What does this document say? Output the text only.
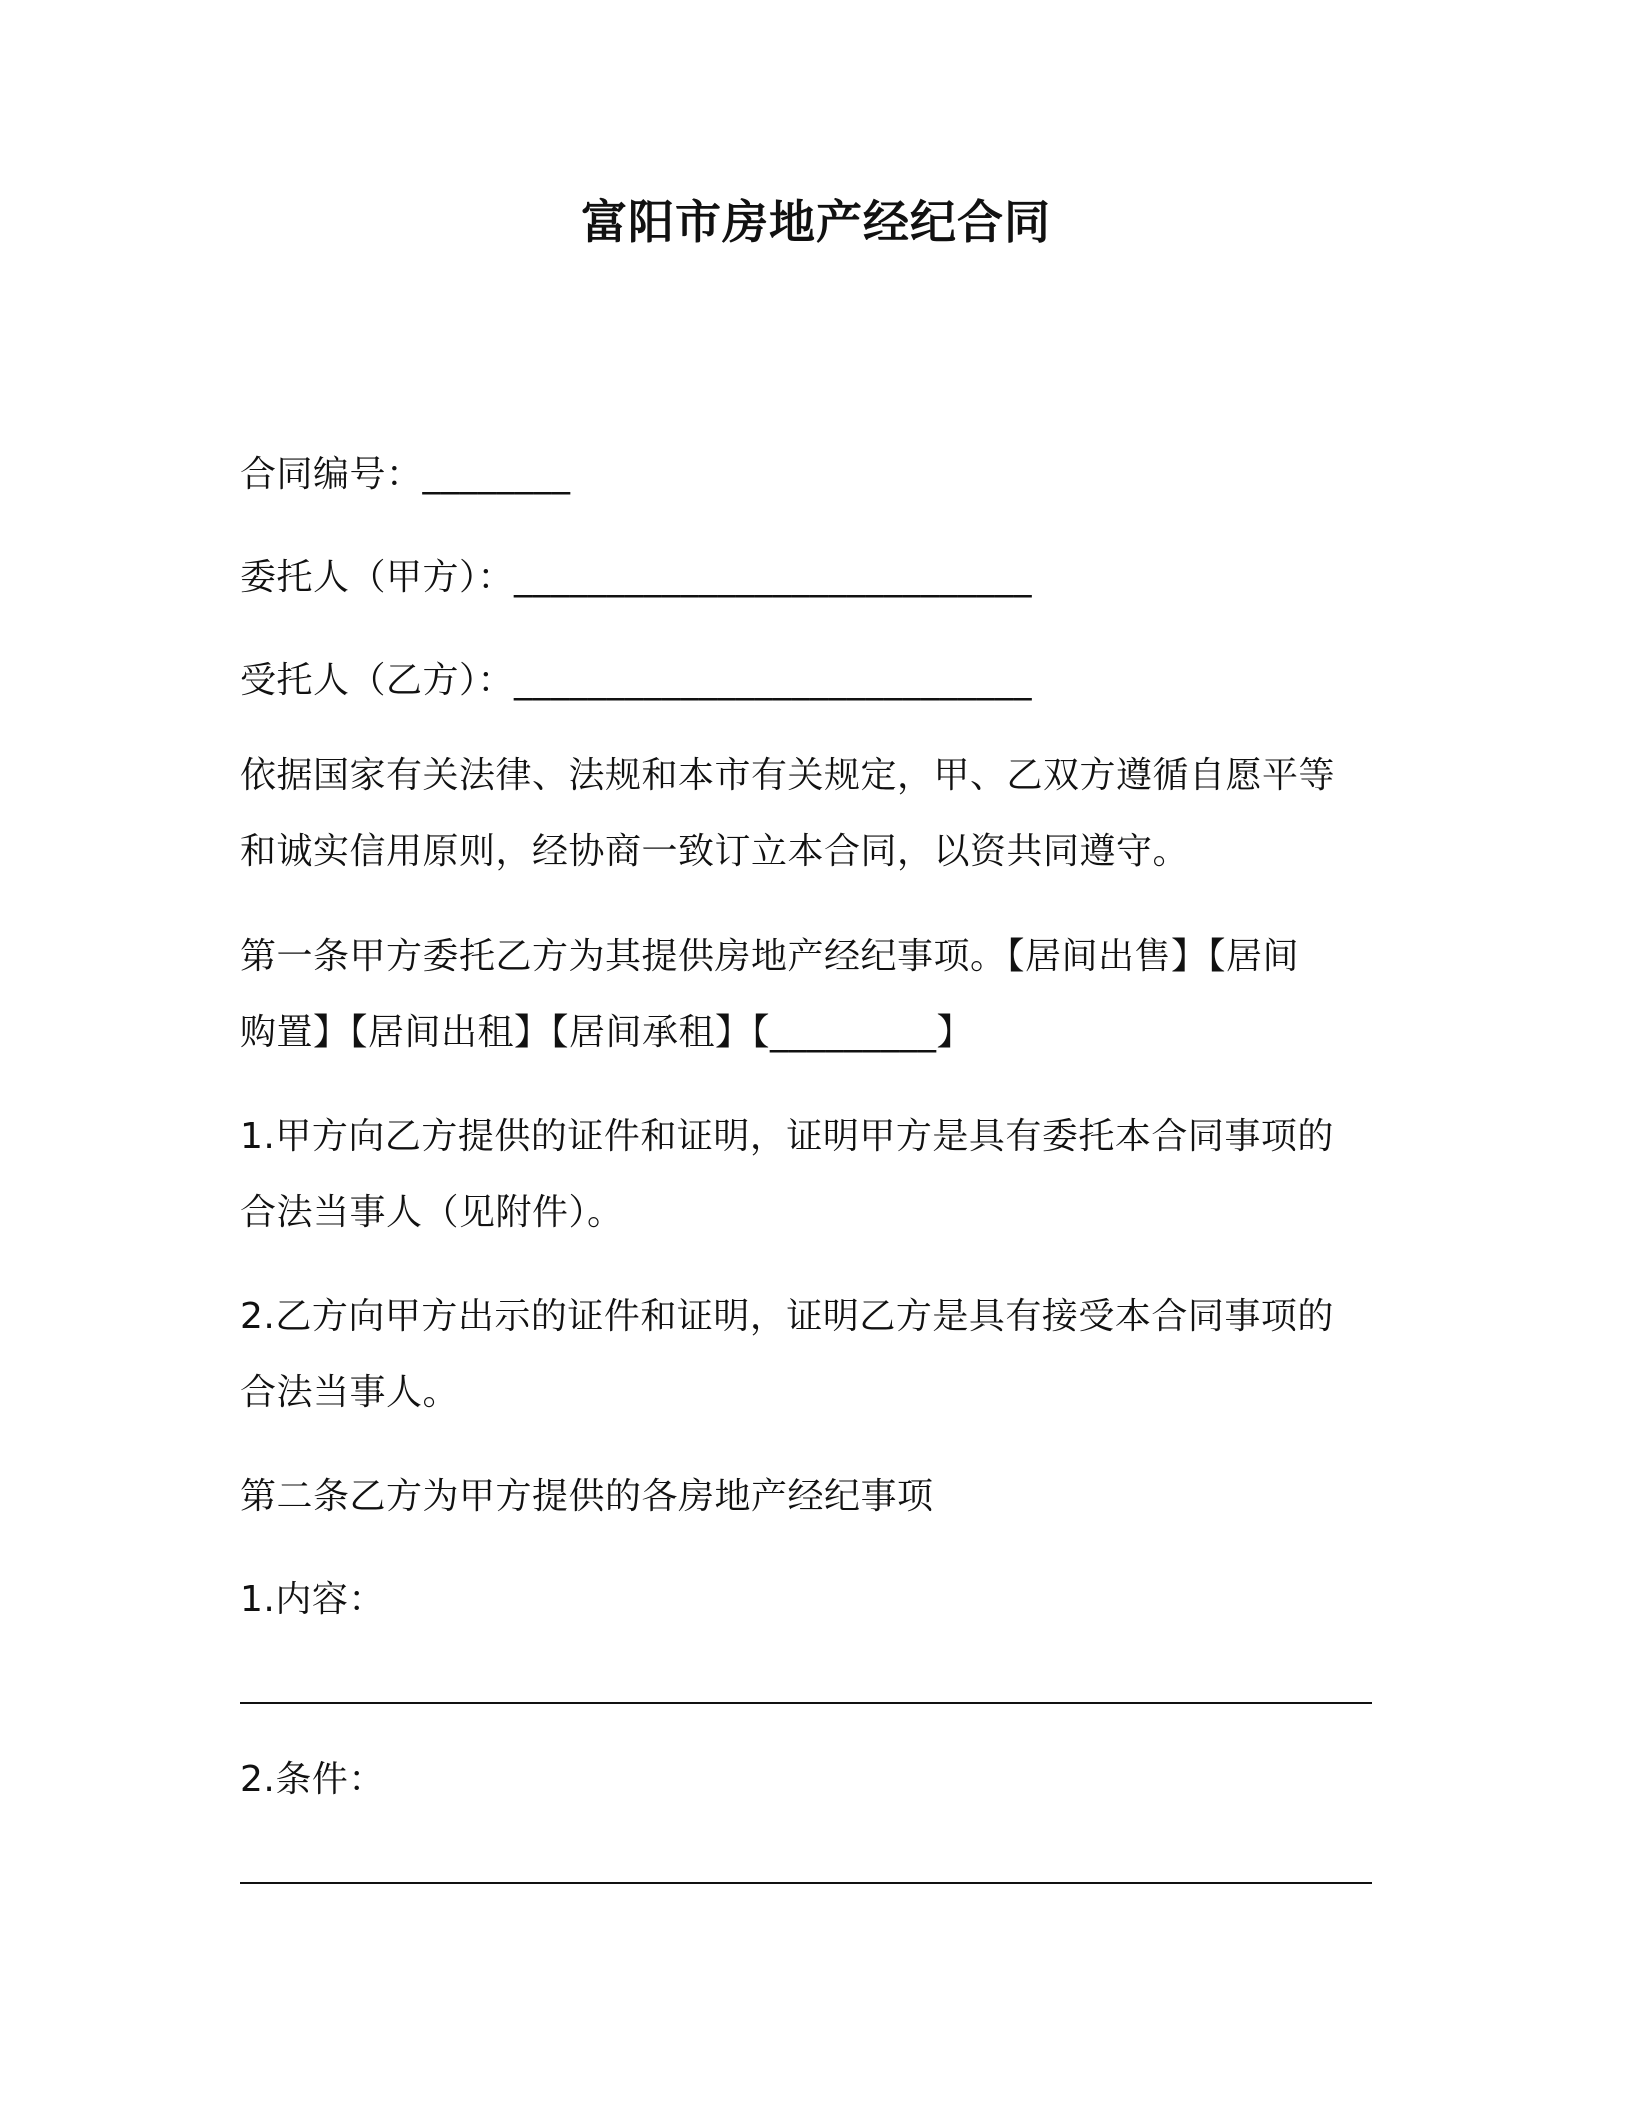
富阳市房地产经纪合同
合同编号：________
委托人（甲方）：____________________________
受托人（乙方）：____________________________
依据国家有关法律、法规和本市有关规定，甲、乙双方遵循自愿平等
和诚实信用原则，经协商一致订立本合同，以资共同遵守。
第一条甲方委托乙方为其提供房地产经纪事项。【居间出售】【居间
购置】【居间出租】【居间承租】【_________】
1.甲方向乙方提供的证件和证明，证明甲方是具有委托本合同事项的
合法当事人（见附件）。
2.乙方向甲方出示的证件和证明，证明乙方是具有接受本合同事项的
合法当事人。
第二条乙方为甲方提供的各房地产经纪事项
1.内容：
2.条件：
